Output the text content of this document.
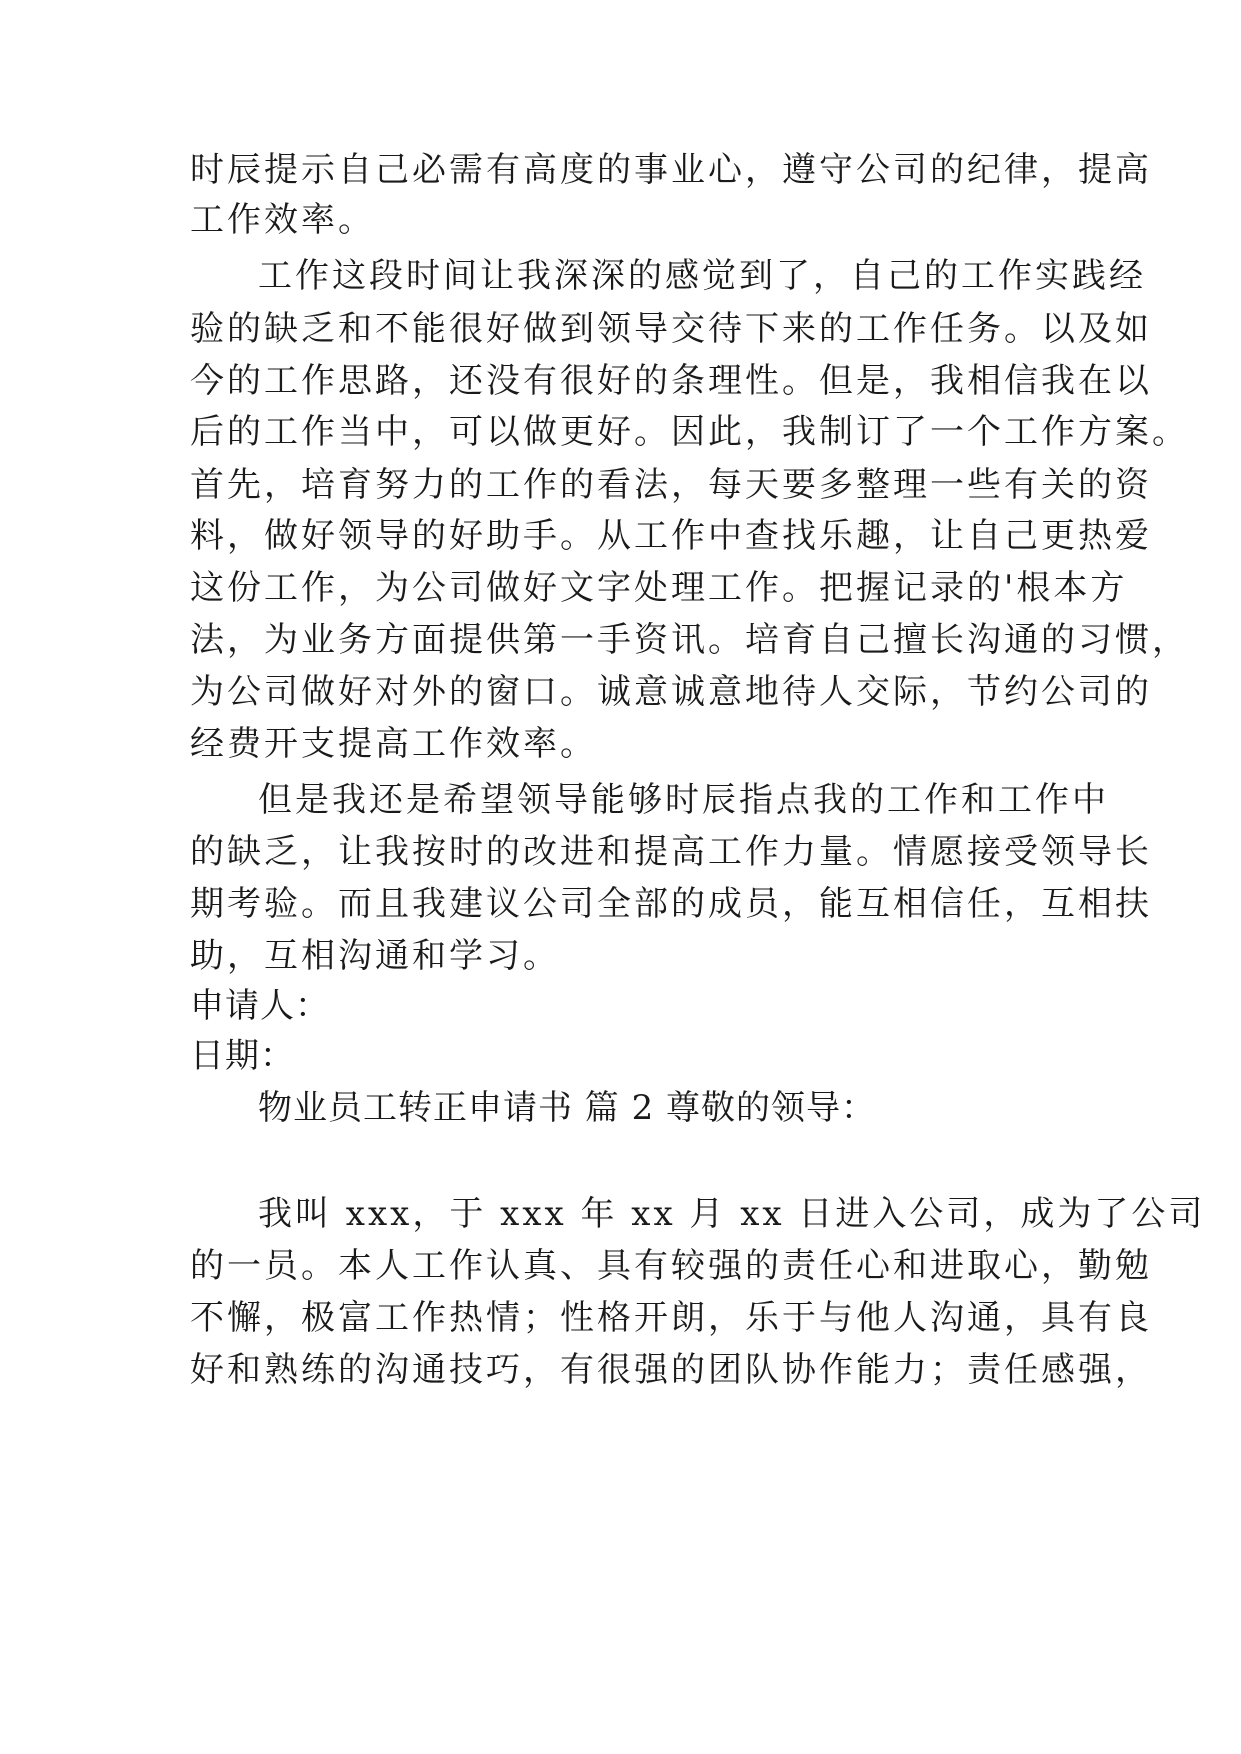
时辰提示自己必需有高度的事业心，遵守公司的纪律，提高
工作效率。
工作这段时间让我深深的感觉到了，自己的工作实践经
验的缺乏和不能很好做到领导交待下来的工作任务。以及如
今的工作思路，还没有很好的条理性。但是，我相信我在以
后的工作当中，可以做更好。因此，我制订了一个工作方案。
首先，培育努力的工作的看法，每天要多整理一些有关的资
料，做好领导的好助手。从工作中查找乐趣，让自己更热爱
这份工作，为公司做好文字处理工作。把握记录的'根本方
法，为业务方面提供第一手资讯。培育自己擅长沟通的习惯，
为公司做好对外的窗口。诚意诚意地待人交际，节约公司的
经费开支提高工作效率。
但是我还是希望领导能够时辰指点我的工作和工作中
的缺乏，让我按时的改进和提高工作力量。情愿接受领导长
期考验。而且我建议公司全部的成员，能互相信任，互相扶
助，互相沟通和学习。
申请人：
日期：
物业员工转正申请书 篇 2 尊敬的领导：
我叫 xxx，于 xxx 年 xx 月 xx 日进入公司，成为了公司
的一员。本人工作认真、具有较强的责任心和进取心，勤勉
不懈，极富工作热情；性格开朗，乐于与他人沟通，具有良
好和熟练的沟通技巧，有很强的团队协作能力；责任感强，
